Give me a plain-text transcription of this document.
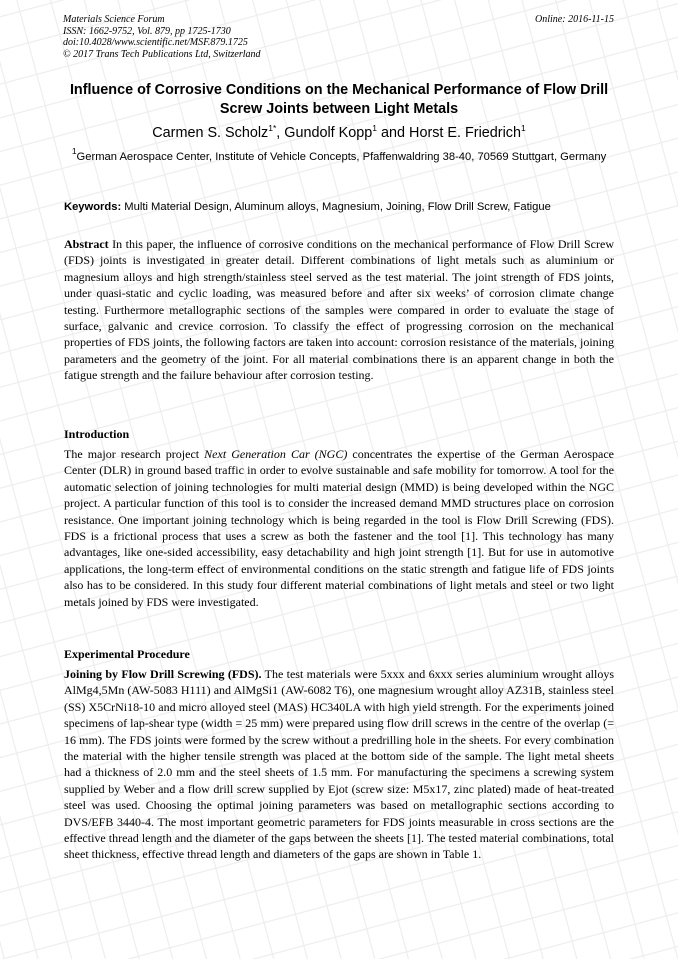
Materials Science Forum
ISSN: 1662-9752, Vol. 879, pp 1725-1730
doi:10.4028/www.scientific.net/MSF.879.1725
© 2017 Trans Tech Publications Ltd, Switzerland
Online: 2016-11-15
Influence of Corrosive Conditions on the Mechanical Performance of Flow Drill Screw Joints between Light Metals
Carmen S. Scholz$^{1*}$, Gundolf Kopp$^1$ and Horst E. Friedrich$^1$
$^1$German Aerospace Center, Institute of Vehicle Concepts, Pfaffenwaldring 38-40, 70569 Stuttgart, Germany
Keywords: Multi Material Design, Aluminum alloys, Magnesium, Joining, Flow Drill Screw, Fatigue
Abstract In this paper, the influence of corrosive conditions on the mechanical performance of Flow Drill Screw (FDS) joints is investigated in greater detail. Different combinations of light metals such as aluminium or magnesium alloys and high strength/stainless steel served as the test material. The joint strength of FDS joints, under quasi-static and cyclic loading, was measured before and after six weeks’ of corrosion climate change testing. Furthermore metallographic sections of the samples were compared in order to evaluate the stage of surface, galvanic and crevice corrosion. To classify the effect of progressing corrosion on the mechanical properties of FDS joints, the following factors are taken into account: corrosion resistance of the materials, joining parameters and the geometry of the joint. For all material combinations there is an apparent change in both the fatigue strength and the failure behaviour after corrosion testing.
Introduction
The major research project Next Generation Car (NGC) concentrates the expertise of the German Aerospace Center (DLR) in ground based traffic in order to evolve sustainable and safe mobility for tomorrow. A tool for the automatic selection of joining technologies for multi material design (MMD) is being developed within the NGC project. A particular function of this tool is to consider the increased demand MMD structures place on corrosion resistance. One important joining technology which is being regarded in the tool is Flow Drill Screwing (FDS). FDS is a frictional process that uses a screw as both the fastener and the tool [1]. This technology has many advantages, like one-sided accessibility, easy detachability and high joint strength [1]. But for use in automotive applications, the long-term effect of environmental conditions on the static strength and fatigue life of FDS joints also has to be considered. In this study four different material combinations of light metals and steel or two light metals joined by FDS were investigated.
Experimental Procedure
Joining by Flow Drill Screwing (FDS). The test materials were 5xxx and 6xxx series aluminium wrought alloys AlMg4,5Mn (AW-5083 H111) and AlMgSi1 (AW-6082 T6), one magnesium wrought alloy AZ31B, stainless steel (SS) X5CrNi18-10 and micro alloyed steel (MAS) HC340LA with high yield strength. For the experiments joined specimens of lap-shear type (width = 25 mm) were prepared using flow drill screws in the centre of the overlap (= 16 mm). The FDS joints were formed by the screw without a predrilling hole in the sheets. For every combination the material with the higher tensile strength was placed at the bottom side of the sample. The light metal sheets had a thickness of 2.0 mm and the steel sheets of 1.5 mm. For manufacturing the specimens a screwing system supplied by Weber and a flow drill screw supplied by Ejot (screw size: M5x17, zinc plated) made of heat-treated steel was used. Choosing the optimal joining parameters was based on metallographic sections according to DVS/EFB 3440-4. The most important geometric parameters for FDS joints measurable in cross sections are the effective thread length and the diameter of the gaps between the sheets [1]. The tested material combinations, total sheet thickness, effective thread length and diameters of the gaps are shown in Table 1.
